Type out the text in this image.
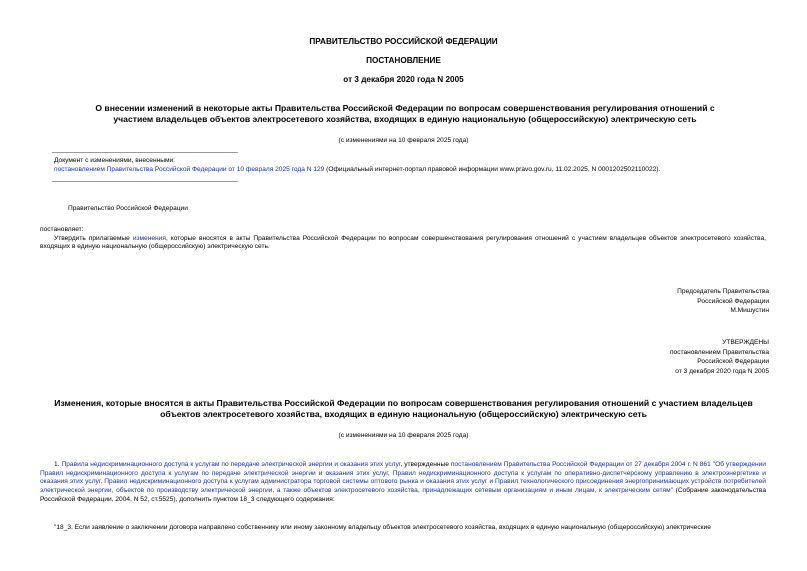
ПРАВИТЕЛЬСТВО РОССИЙСКОЙ ФЕДЕРАЦИИ
ПОСТАНОВЛЕНИЕ
от 3 декабря 2020 года N 2005
О внесении изменений в некоторые акты Правительства Российской Федерации по вопросам совершенствования регулирования отношений с участием владельцев объектов электросетевого хозяйства, входящих в единую национальную (общероссийскую) электрическую сеть
(с изменениями на 10 февраля 2025 года)
Документ с изменениями, внесенными:
постановлением Правительства Российской Федерации от 10 февраля 2025 года N 129 (Официальный интернет-портал правовой информации www.pravo.gov.ru, 11.02.2025, N 0001202502110022).
Правительство Российской Федерации
постановляет:
Утвердить прилагаемые изменения, которые вносятся в акты Правительства Российской Федерации по вопросам совершенствования регулирования отношений с участием владельцев объектов электросетевого хозяйства, входящих в единую национальную (общероссийскую) электрическую сеть.
Председатель Правительства
Российской Федерации
М.Мишустин
УТВЕРЖДЕНЫ
постановлением Правительства
Российской Федерации
от 3 декабря 2020 года N 2005
Изменения, которые вносятся в акты Правительства Российской Федерации по вопросам совершенствования регулирования отношений с участием владельцев объектов электросетевого хозяйства, входящих в единую национальную (общероссийскую) электрическую сеть
(с изменениями на 10 февраля 2025 года)
1. Правила недискриминационного доступа к услугам по передаче электрической энергии и оказания этих услуг, утвержденные постановлением Правительства Российской Федерации от 27 декабря 2004 г. N 861 "Об утверждении Правил недискриминационного доступа к услугам по передаче электрической энергии и оказания этих услуг, Правил недискриминационного доступа к услугам по оперативно-диспетчерскому управлению в электроэнергетике и оказания этих услуг, Правил недискриминационного доступа к услугам администратора торговой системы оптового рынка и оказания этих услуг и Правил технологического присоединения энергопринимающих устройств потребителей электрической энергии, объектов по производству электрической энергии, а также объектов электросетевого хозяйства, принадлежащих сетевым организациям и иным лицам, к электрическим сетям" (Собрание законодательства Российской Федерации, 2004, N 52, ст.5525), дополнить пунктом 18_3 следующего содержания:
"18_3. Если заявление о заключении договора направлено собственнику или иному законному владельцу объектов электросетевого хозяйства, входящих в единую национальную (общероссийскую) электрические
